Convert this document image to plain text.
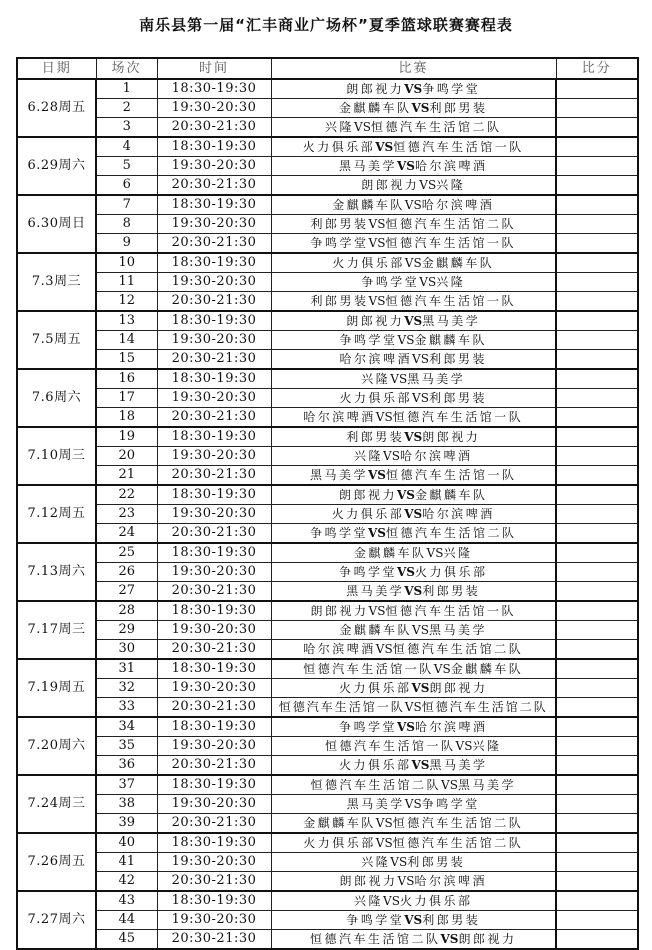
南乐县第一届“汇丰商业广场杯”夏季篮球联赛赛程表
日期	场次	时间	比赛	比分
6.28周五	1	18:30-19:30	朗郎视力VS争鸣学堂	
	2	19:30-20:30	金麒麟车队VS利郎男装	
	3	20:30-21:30	兴隆VS恒德汽车生活馆二队	
6.29周六	4	18:30-19:30	火力俱乐部VS恒德汽车生活馆一队	
	5	19:30-20:30	黑马美学VS哈尔滨啤酒	
	6	20:30-21:30	朗郎视力VS兴隆	
6.30周日	7	18:30-19:30	金麒麟车队VS哈尔滨啤酒	
	8	19:30-20:30	利郎男装VS恒德汽车生活馆二队	
	9	20:30-21:30	争鸣学堂VS恒德汽车生活馆一队	
7.3周三	10	18:30-19:30	火力俱乐部VS金麒麟车队	
	11	19:30-20:30	争鸣学堂VS兴隆	
	12	20:30-21:30	利郎男装VS恒德汽车生活馆一队	
7.5周五	13	18:30-19:30	朗郎视力VS黑马美学	
	14	19:30-20:30	争鸣学堂VS金麒麟车队	
	15	20:30-21:30	哈尔滨啤酒VS利郎男装	
7.6周六	16	18:30-19:30	兴隆VS黑马美学	
	17	19:30-20:30	火力俱乐部VS利郎男装	
	18	20:30-21:30	哈尔滨啤酒VS恒德汽车生活馆一队	
7.10周三	19	18:30-19:30	利郎男装VS朗郎视力	
	20	19:30-20:30	兴隆VS哈尔滨啤酒	
	21	20:30-21:30	黑马美学VS恒德汽车生活馆一队	
7.12周五	22	18:30-19:30	朗郎视力VS金麒麟车队	
	23	19:30-20:30	火力俱乐部VS哈尔滨啤酒	
	24	20:30-21:30	争鸣学堂VS恒德汽车生活馆二队	
7.13周六	25	18:30-19:30	金麒麟车队VS兴隆	
	26	19:30-20:30	争鸣学堂VS火力俱乐部	
	27	20:30-21:30	黑马美学VS利郎男装	
7.17周三	28	18:30-19:30	朗郎视力VS恒德汽车生活馆一队	
	29	19:30-20:30	金麒麟车队VS黑马美学	
	30	20:30-21:30	哈尔滨啤酒VS恒德汽车生活馆二队	
7.19周五	31	18:30-19:30	恒德汽车生活馆一队VS金麒麟车队	
	32	19:30-20:30	火力俱乐部VS朗郎视力	
	33	20:30-21:30	恒德汽车生活馆一队VS恒德汽车生活馆二队	
7.20周六	34	18:30-19:30	争鸣学堂VS哈尔滨啤酒	
	35	19:30-20:30	恒德汽车生活馆一队VS兴隆	
	36	20:30-21:30	火力俱乐部VS黑马美学	
7.24周三	37	18:30-19:30	恒德汽车生活馆二队VS黑马美学	
	38	19:30-20:30	黑马美学VS争鸣学堂	
	39	20:30-21:30	金麒麟车队VS恒德汽车生活馆二队	
7.26周五	40	18:30-19:30	火力俱乐部VS恒德汽车生活馆二队	
	41	19:30-20:30	兴隆VS利郎男装	
	42	20:30-21:30	朗郎视力VS哈尔滨啤酒	
7.27周六	43	18:30-19:30	兴隆VS火力俱乐部	
	44	19:30-20:30	争鸣学堂VS利郎男装	
	45	20:30-21:30	恒德汽车生活馆二队VS朗郎视力	
